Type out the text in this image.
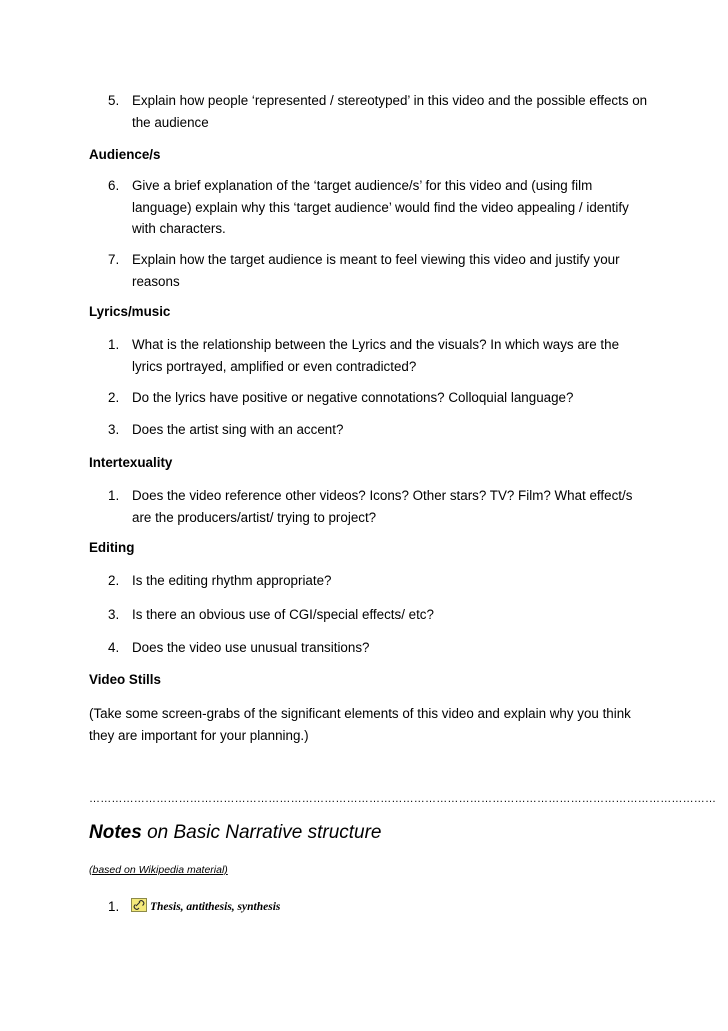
5. Explain how people ‘represented / stereotyped’ in this video and the possible effects on the audience
Audience/s
6. Give a brief explanation of the ‘target audience/s’ for this video and (using film language) explain why this ‘target audience’ would find the video appealing / identify with characters.
7. Explain how the target audience is meant to feel viewing this video and justify your reasons
Lyrics/music
1. What is the relationship between the Lyrics and the visuals? In which ways are the lyrics portrayed, amplified or even contradicted?
2. Do the lyrics have positive or negative connotations? Colloquial language?
3. Does the artist sing with an accent?
Intertexuality
1. Does the video reference other videos? Icons? Other stars? TV? Film? What effect/s are the producers/artist/ trying to project?
Editing
2. Is the editing rhythm appropriate?
3. Is there an obvious use of CGI/special effects/ etc?
4. Does the video use unusual transitions?
Video Stills
(Take some screen-grabs of the significant elements of this video and explain why you think they are important for your planning.)
……………………………………………………………………………………………………………………………………………………
Notes on Basic Narrative structure
(based on Wikipedia material)
1.	Thesis, antithesis, synthesis
